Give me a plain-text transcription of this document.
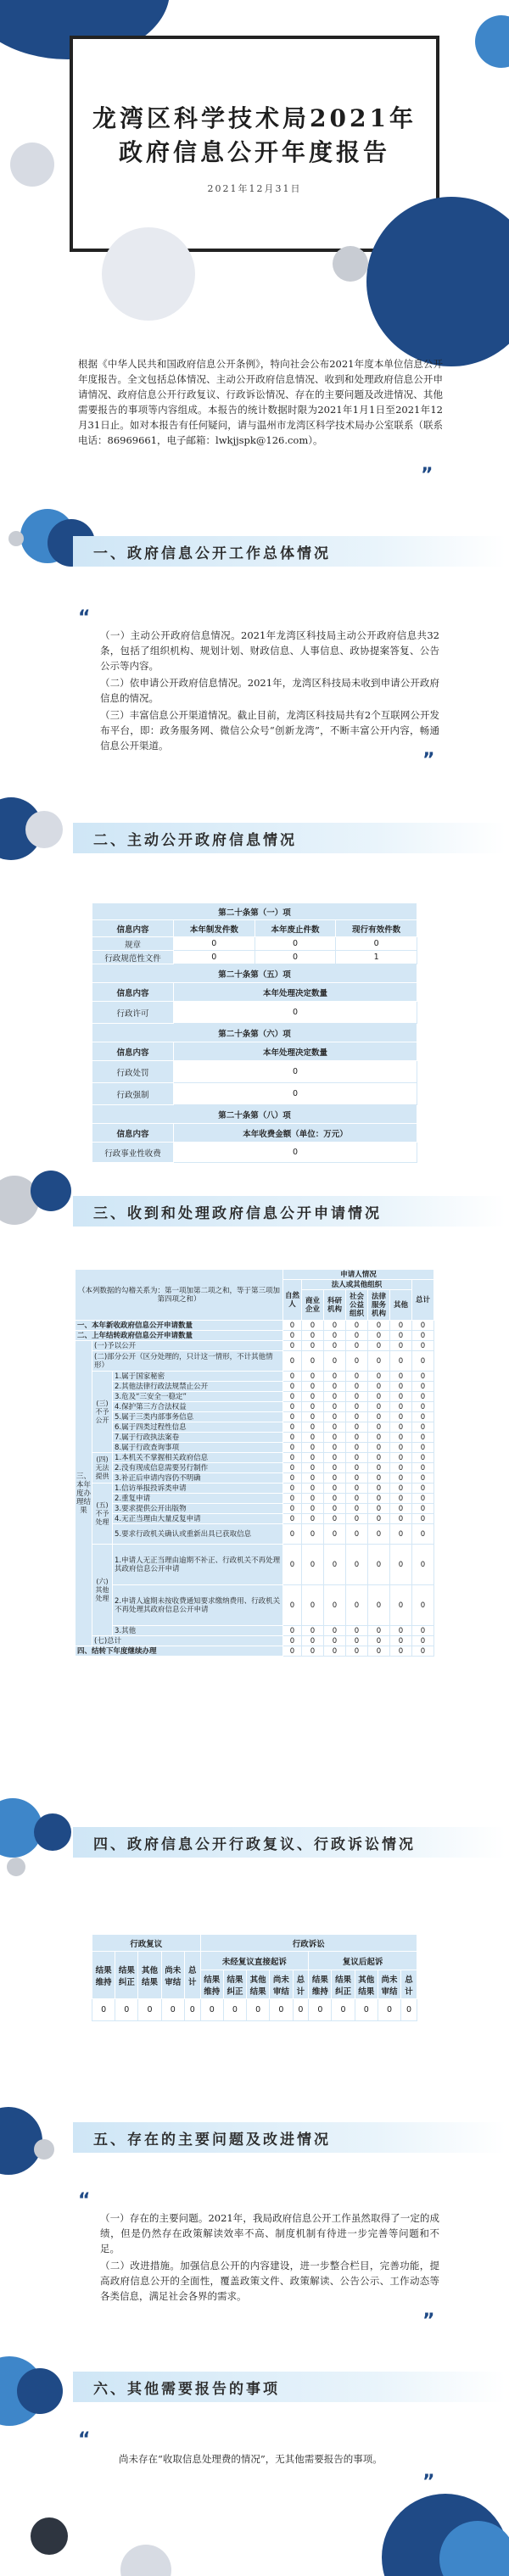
龙湾区科学技术局2021年
政府信息公开年度报告
2021年12月31日
根据《中华人民共和国政府信息公开条例》，特向社会公布2021年度本单位信息公开年度报告。全文包括总体情况、主动公开政府信息情况、收到和处理政府信息公开申请情况、政府信息公开行政复议、行政诉讼情况、存在的主要问题及改进情况、其他需要报告的事项等内容组成。本报告的统计数据时限为2021年1月1日至2021年12月31日止。如对本报告有任何疑问，请与温州市龙湾区科学技术局办公室联系（联系电话：86969661，电子邮箱：lwkjjspk@126.com）。
”
一、政府信息公开工作总体情况
“
（一）主动公开政府信息情况。2021年龙湾区科技局主动公开政府信息共32条，包括了组织机构、规划计划、财政信息、人事信息、政协提案答复、公告公示等内容。
（二）依申请公开政府信息情况。2021年，龙湾区科技局未收到申请公开政府信息的情况。
（三）丰富信息公开渠道情况。截止目前，龙湾区科技局共有2个互联网公开发布平台，即：政务服务网、微信公众号“创新龙湾”，不断丰富公开内容，畅通信息公开渠道。
”
二、主动公开政府信息情况
第二十条第（一）项			
信息内容	本年制发件数	本年废止件数	现行有效件数
规章	0	0	0
行政规范性文件	0	0	1
第二十条第（五）项			
信息内容	本年处理决定数量		
行政许可	0		
第二十条第（六）项			
信息内容	本年处理决定数量		
行政处罚	0		
行政强制	0		
第二十条第（八）项			
信息内容	本年收费金额（单位：万元）		
行政事业性收费	0		
三、收到和处理政府信息公开申请情况
（本列数据的勾稽关系为：第一项加第二项之和，等于第三项加第四项之和）			申请人情况						
			自然人	法人或其他组织					总计
				商业企业	科研机构	社会公益组织	法律服务机构	其他	
一、本年新收政府信息公开申请数量			0	0	0	0	0	0	0
二、上年结转政府信息公开申请数量			0	0	0	0	0	0	0
三、本年度办理结果	(一)予以公开		0	0	0	0	0	0	0
	(二)部分公开（区分处理的，只计这一情形，不计其他情形）		0	0	0	0	0	0	0
	(三)不予公开	1.属于国家秘密	0	0	0	0	0	0	0
		2.其他法律行政法规禁止公开	0	0	0	0	0	0	0
		3.危及“三安全一稳定”	0	0	0	0	0	0	0
		4.保护第三方合法权益	0	0	0	0	0	0	0
		5.属于三类内部事务信息	0	0	0	0	0	0	0
		6.属于四类过程性信息	0	0	0	0	0	0	0
		7.属于行政执法案卷	0	0	0	0	0	0	0
		8.属于行政查询事项	0	0	0	0	0	0	0
	(四)无法提供	1.本机关不掌握相关政府信息	0	0	0	0	0	0	0
		2.没有现成信息需要另行制作	0	0	0	0	0	0	0
		3.补正后申请内容仍不明确	0	0	0	0	0	0	0
	(五)不予处理	1.信访举报投诉类申请	0	0	0	0	0	0	0
		2.重复申请	0	0	0	0	0	0	0
		3.要求提供公开出版物	0	0	0	0	0	0	0
		4.无正当理由大量反复申请	0	0	0	0	0	0	0
		5.要求行政机关确认或重新出具已获取信息	0	0	0	0	0	0	0
	(六)其他处理	1.申请人无正当理由逾期不补正、行政机关不再处理其政府信息公开申请	0	0	0	0	0	0	0
		2.申请人逾期未按收费通知要求缴纳费用、行政机关不再处理其政府信息公开申请	0	0	0	0	0	0	0
		3.其他	0	0	0	0	0	0	0
	(七)总计		0	0	0	0	0	0	0
四、结转下年度继续办理			0	0	0	0	0	0	0
四、政府信息公开行政复议、行政诉讼情况
行政复议					行政诉讼									
结果维持	结果纠正	其他结果	尚未审结	总计	未经复议直接起诉					复议后起诉				
					结果维持	结果纠正	其他结果	尚未审结	总计	结果维持	结果纠正	其他结果	尚未审结	总计
0	0	0	0	0	0	0	0	0	0	0	0	0	0	0
五、存在的主要问题及改进情况
“
（一）存在的主要问题。2021年，我局政府信息公开工作虽然取得了一定的成绩，但是仍然存在政策解读效率不高、制度机制有待进一步完善等问题和不足。
（二）改进措施。加强信息公开的内容建设，进一步整合栏目，完善功能，提高政府信息公开的全面性，覆盖政策文件、政策解读、公告公示、工作动态等各类信息，满足社会各界的需求。
”
六、其他需要报告的事项
“
尚未存在“收取信息处理费的情况”，无其他需要报告的事项。
”
